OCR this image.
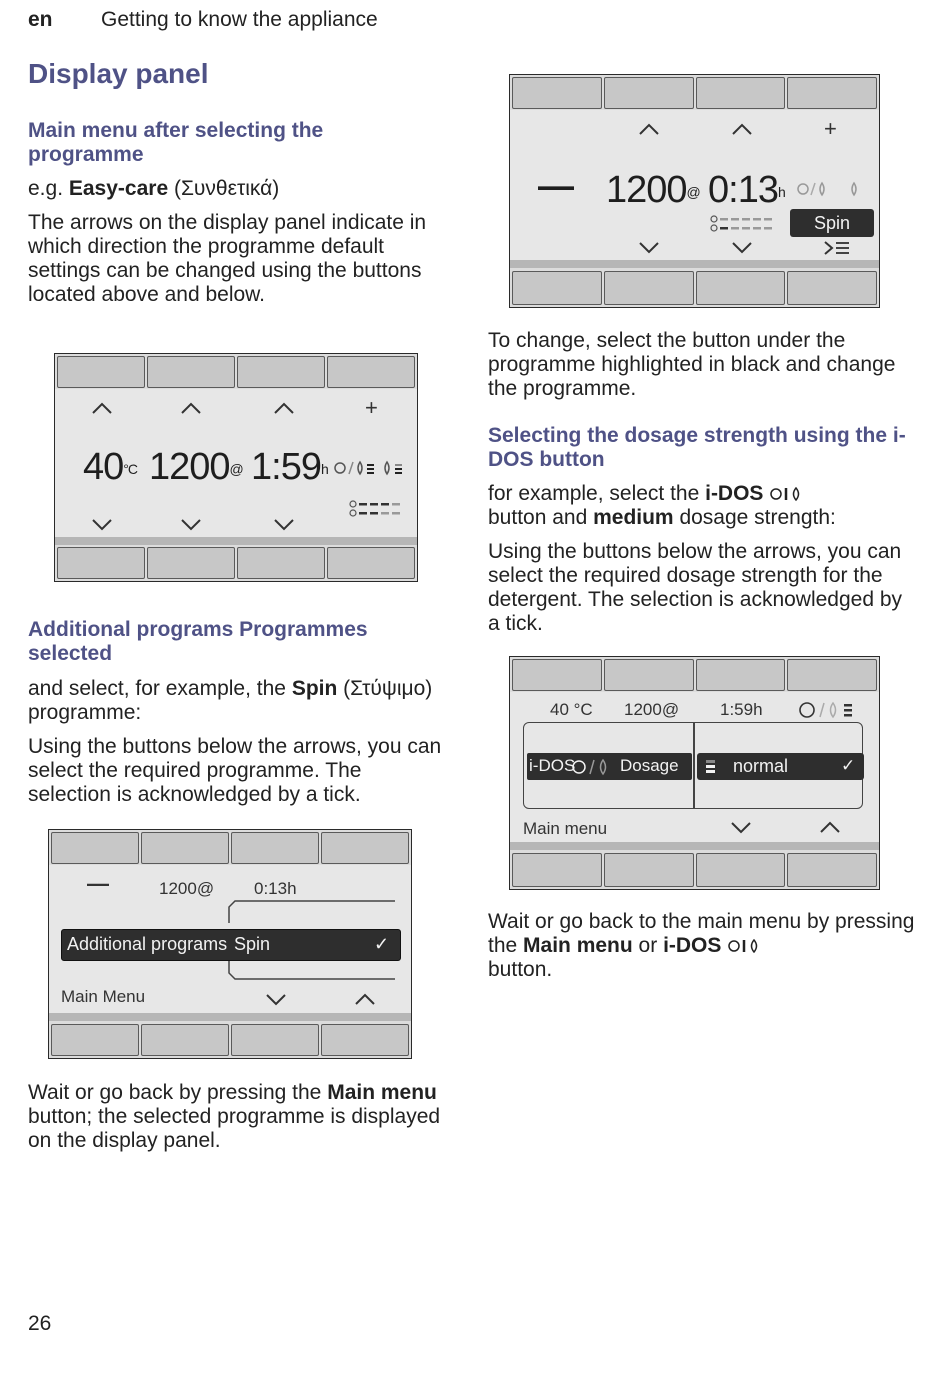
en Getting to know the appliance
Display panel
Main menu after selecting the programme

e.g. Easy-care (Συνθετικά)

The arrows on the display panel indicate in which direction the programme default settings can be changed using the buttons located above and below.

+
$40^{^\circ C}$ 1200@ 1:59$^h$
Additional programs Programmes selected

and select, for example, the Spin (Στύψιμο) programme:

Using the buttons below the arrows, you can select the required programme. The selection is acknowledged by a tick.

—	1200@ 0:13h
Additional programs Spin	✓
Main Menu

Wait or go back by pressing the Main menu button; the selected programme is displayed on the display panel.

+
— 1200@ 0:13$^h$
Spin

To change, select the button under the programme highlighted in black and change the programme.

Selecting the dosage strength using the i-DOS button

for example, select the i-DOS
button and medium dosage strength:

Using the buttons below the arrows, you can select the required dosage strength for the detergent. The selection is acknowledged by a tick.

40 °C 1200@ 1:59h
i-DOS	Dosage	normal	✓
Main menu

Wait or go back to the main menu by pressing the Main menu or i-DOS
button.

26
